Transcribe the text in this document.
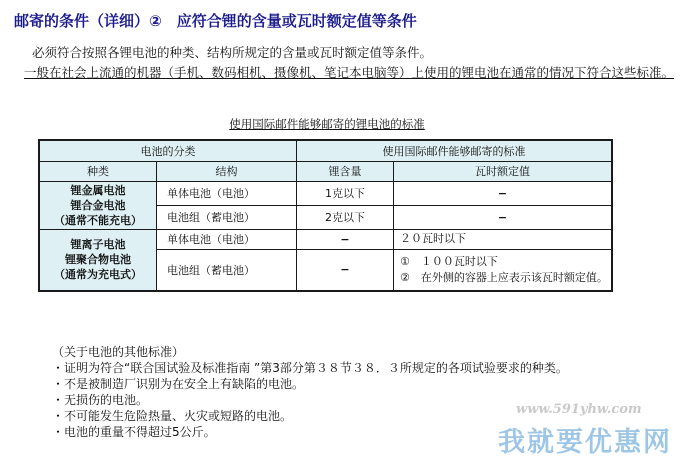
邮寄的条件（详细）②　应符合锂的含量或瓦时额定值等条件
必须符合按照各锂电池的种类、结构所规定的含量或瓦时额定值等条件。
一般在社会上流通的机器（手机、数码相机、摄像机、笔记本电脑等）上使用的锂电池在通常的情况下符合这些标准。
使用国际邮件能够邮寄的锂电池的标准
电池的分类		使用国际邮件能够邮寄的标准	
种类	结构	锂含量	瓦时额定值
锂金属电池
锂合金电池
（通常不能充电）	单体电池（电池）	1克以下	−
	电池组（蓄电池）	2克以下	−
锂离子电池
锂聚合物电池
（通常为充电式）	单体电池（电池）	−	２０瓦时以下
	电池组（蓄电池）	−	①　１００瓦时以下
②　在外侧的容器上应表示该瓦时额定值。
（关于电池的其他标准）
・证明为符合“联合国试验及标准指南 ”第3部分第３８节３８．３所规定的各项试验要求的种类。
・不是被制造厂识别为在安全上有缺陷的电池。
・无损伤的电池。
・不可能发生危险热量、火灾或短路的电池。
・电池的重量不得超过5公斤。
www.591yhw.com
我就要优惠网
